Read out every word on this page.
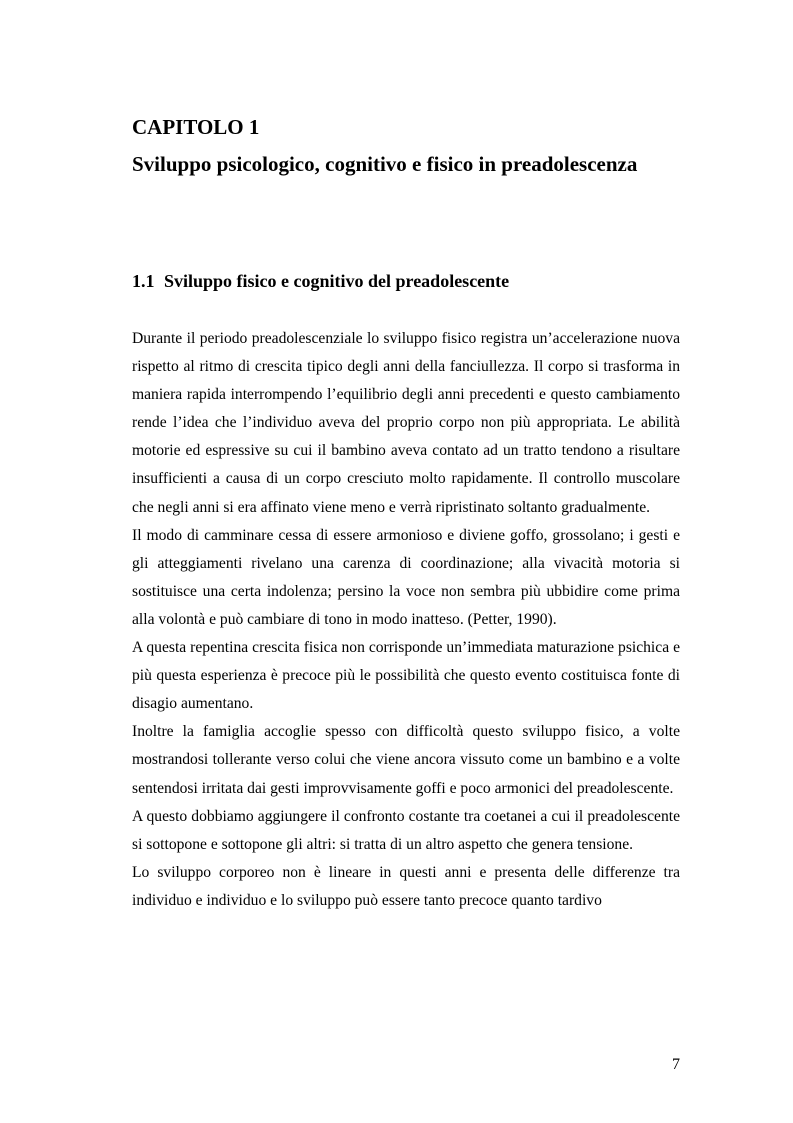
CAPITOLO 1
Sviluppo psicologico, cognitivo e fisico in preadolescenza
1.1 Sviluppo fisico e cognitivo del preadolescente

Durante il periodo preadolescenziale lo sviluppo fisico registra un’accelerazione nuova rispetto al ritmo di crescita tipico degli anni della fanciullezza. Il corpo si trasforma in maniera rapida interrompendo l’equilibrio degli anni precedenti e questo cambiamento rende l’idea che l’individuo aveva del proprio corpo non più appropriata. Le abilità motorie ed espressive su cui il bambino aveva contato ad un tratto tendono a risultare insufficienti a causa di un corpo cresciuto molto rapidamente. Il controllo muscolare che negli anni si era affinato viene meno e verrà ripristinato soltanto gradualmente.

Il modo di camminare cessa di essere armonioso e diviene goffo, grossolano; i gesti e gli atteggiamenti rivelano una carenza di coordinazione; alla vivacità motoria si sostituisce una certa indolenza; persino la voce non sembra più ubbidire come prima alla volontà e può cambiare di tono in modo inatteso. (Petter, 1990).

A questa repentina crescita fisica non corrisponde un’immediata maturazione psichica e più questa esperienza è precoce più le possibilità che questo evento costituisca fonte di disagio aumentano.

Inoltre la famiglia accoglie spesso con difficoltà questo sviluppo fisico, a volte mostrandosi tollerante verso colui che viene ancora vissuto come un bambino e a volte sentendosi irritata dai gesti improvvisamente goffi e poco armonici del preadolescente.

A questo dobbiamo aggiungere il confronto costante tra coetanei a cui il preadolescente si sottopone e sottopone gli altri: si tratta di un altro aspetto che genera tensione.

Lo sviluppo corporeo non è lineare in questi anni e presenta delle differenze tra individuo e individuo e lo sviluppo può essere tanto precoce quanto tardivo

7
